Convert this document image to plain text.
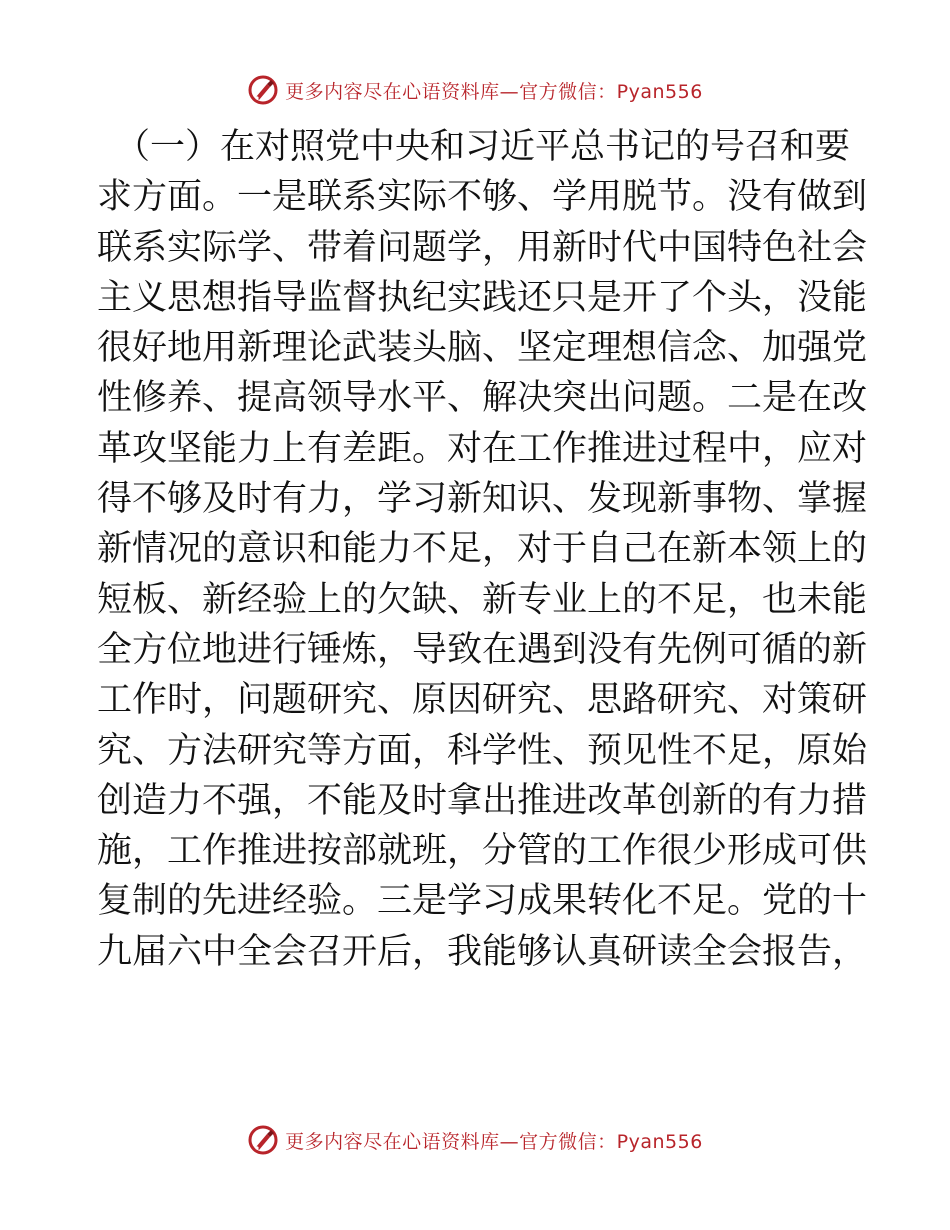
更多内容尽在心语资料库—官方微信：Pyan556
（一）在对照党中央和习近平总书记的号召和要
求方面。一是联系实际不够、学用脱节。没有做到
联系实际学、带着问题学，用新时代中国特色社会
主义思想指导监督执纪实践还只是开了个头，没能
很好地用新理论武装头脑、坚定理想信念、加强党
性修养、提高领导水平、解决突出问题。二是在改
革攻坚能力上有差距。对在工作推进过程中，应对
得不够及时有力，学习新知识、发现新事物、掌握
新情况的意识和能力不足，对于自己在新本领上的
短板、新经验上的欠缺、新专业上的不足，也未能
全方位地进行锤炼，导致在遇到没有先例可循的新
工作时，问题研究、原因研究、思路研究、对策研
究、方法研究等方面，科学性、预见性不足，原始
创造力不强，不能及时拿出推进改革创新的有力措
施，工作推进按部就班，分管的工作很少形成可供
复制的先进经验。三是学习成果转化不足。党的十
九届六中全会召开后，我能够认真研读全会报告，
更多内容尽在心语资料库—官方微信：Pyan556
